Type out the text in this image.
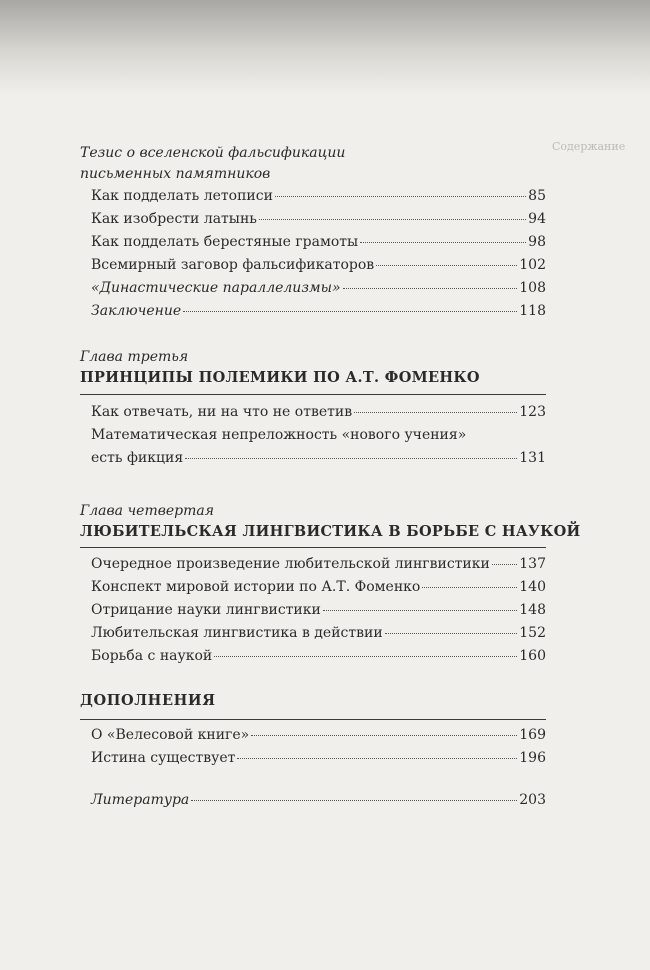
Содержание
Тезис о вселенской фальсификации
письменных памятников
Как подделать летописи	85
Как изобрести латынь	94
Как подделать берестяные грамоты	98
Всемирный заговор фальсификаторов	102
«Династические параллелизмы»	108
Заключение	118
Глава третья
ПРИНЦИПЫ ПОЛЕМИКИ ПО А.Т. ФОМЕНКО
Как отвечать, ни на что не ответив	123
Математическая непреложность «нового учения»
есть фикция	131
Глава четвертая
ЛЮБИТЕЛЬСКАЯ ЛИНГВИСТИКА В БОРЬБЕ С НАУКОЙ
Очередное произведение любительской лингвистики 137
Конспект мировой истории по А.Т. Фоменко	140
Отрицание науки лингвистики	148
Любительская лингвистика в действии	152
Борьба с наукой	160
ДОПОЛНЕНИЯ
О «Велесовой книге»	169
Истина существует	196
Литература	203
